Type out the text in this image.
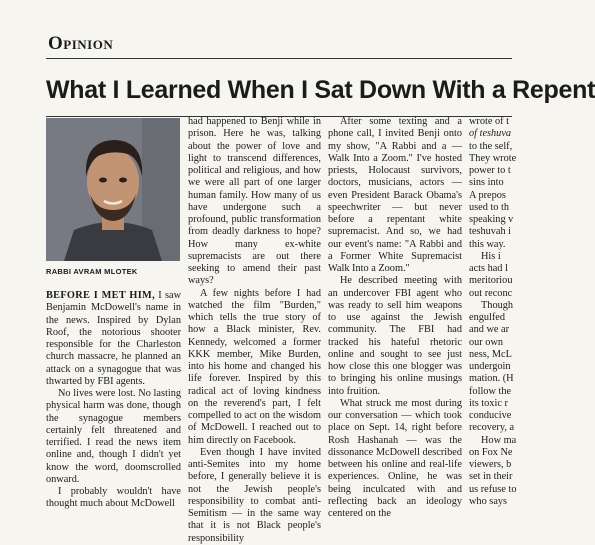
Opinion
What I Learned When I Sat Down With a Repent
RABBI AVRAM MLOTEK

BEFORE I MET HIM, I saw Benjamin McDowell's name in the news. Inspired by Dylan Roof, the notorious shooter responsible for the Charleston church massacre, he planned an attack on a synagogue that was thwarted by FBI agents.

No lives were lost. No lasting physical harm was done, though the synagogue members certainly felt threatened and terrified. I read the news item online and, though I didn't yet know the word, doomscrolled onward.

I probably wouldn't have thought much about McDowell

had happened to Benji while in prison. Here he was, talking about the power of love and light to transcend differences, political and religious, and how we were all part of one larger human family. How many of us have undergone such a profound, public transformation from deadly darkness to hope? How many ex-white supremacists are out there seeking to amend their past ways?

A few nights before I had watched the film "Burden," which tells the true story of how a Black minister, Rev. Kennedy, welcomed a former KKK member, Mike Burden, into his home and changed his life forever. Inspired by this radical act of loving kindness on the reverend's part, I felt compelled to act on the wisdom of McDowell. I reached out to him directly on Facebook.

Even though I have invited anti-Semites into my home before, I generally believe it is not the Jewish people's responsibility to combat anti-Semitism — in the same way that it is not Black people's responsibility

After some texting and a phone call, I invited Benji onto my show, "A Rabbi and a — Walk Into a Zoom." I've hosted priests, Holocaust survivors, doctors, musicians, actors — even President Barack Obama's speechwriter — but never before a repentant white supremacist. And so, we had our event's name: "A Rabbi and a Former White Supremacist Walk Into a Zoom."

He described meeting with an undercover FBI agent who was ready to sell him weapons to use against the Jewish community. The FBI had tracked his hateful rhetoric online and sought to see just how close this one blogger was to bringing his online musings into fruition.

What struck me most during our conversation — which took place on Sept. 14, right before Rosh Hashanah — was the dissonance McDowell described between his online and real-life experiences. Online, he was being inculcated with and reflecting back an ideology centered on the

wrote of t
of teshuva
to the self,
They wrote
power to t
sins into
A prepos
used to th
speaking v
teshuvah i
this way.
His i
acts had l
meritoriou
out reconc
Though
engulfed
and we ar
our own
ness, McL
undergoin
mation. (H
follow the
its toxic r
conducive
recovery, a
How ma
on Fox Ne
viewers, b
set in their
us refuse to
who says
